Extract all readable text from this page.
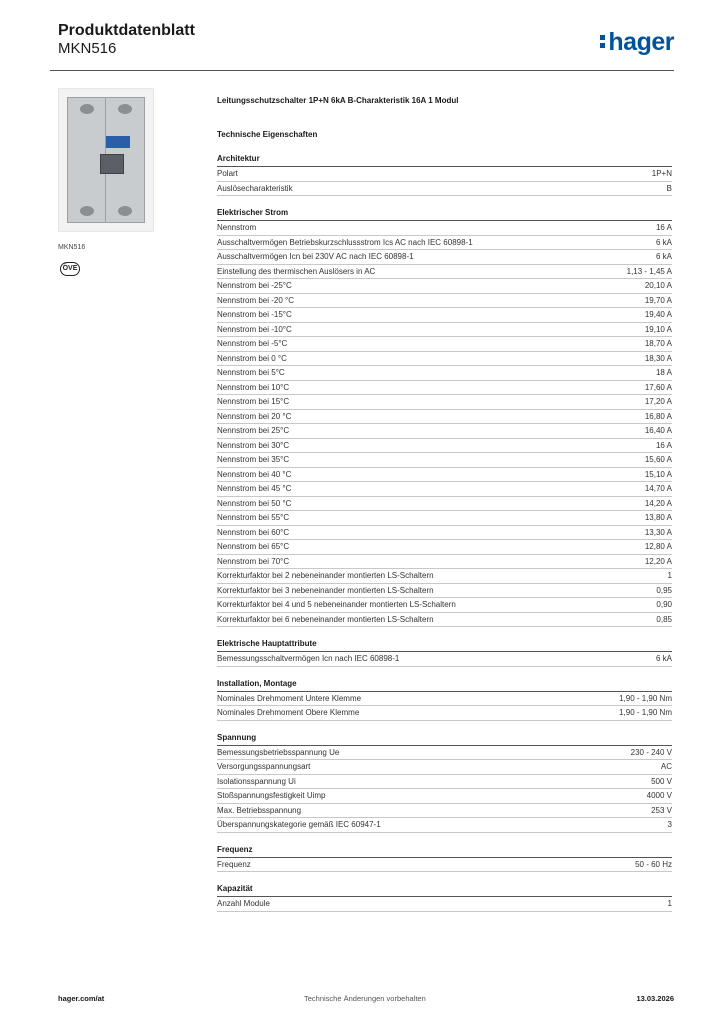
Produktdatenblatt
MKN516	hager
MKN516
ÖVE
Leitungsschutzschalter 1P+N 6kA B-Charakteristik 16A 1 Modul
Technische Eigenschaften
Architektur
Polart	1P+N
Auslösecharakteristik	B
Elektrischer Strom
Nennstrom	16 A
Ausschaltvermögen Betriebskurzschlussstrom Ics AC nach IEC 60898-1	6 kA
Ausschaltvermögen Icn bei 230V AC nach IEC 60898-1	6 kA
Einstellung des thermischen Auslösers in AC	1,13 - 1,45 A
Nennstrom bei -25°C	20,10 A
Nennstrom bei -20 °C	19,70 A
Nennstrom bei -15°C	19,40 A
Nennstrom bei -10°C	19,10 A
Nennstrom bei -5°C	18,70 A
Nennstrom bei 0 °C	18,30 A
Nennstrom bei 5°C	18 A
Nennstrom bei 10°C	17,60 A
Nennstrom bei 15°C	17,20 A
Nennstrom bei 20 °C	16,80 A
Nennstrom bei 25°C	16,40 A
Nennstrom bei 30°C	16 A
Nennstrom bei 35°C	15,60 A
Nennstrom bei 40 °C	15,10 A
Nennstrom bei 45 °C	14,70 A
Nennstrom bei 50 °C	14,20 A
Nennstrom bei 55°C	13,80 A
Nennstrom bei 60°C	13,30 A
Nennstrom bei 65°C	12,80 A
Nennstrom bei 70°C	12,20 A
Korrekturfaktor bei 2 nebeneinander montierten LS-Schaltern	1
Korrekturfaktor bei 3 nebeneinander montierten LS-Schaltern	0,95
Korrekturfaktor bei 4 und 5 nebeneinander montierten LS-Schaltern	0,90
Korrekturfaktor bei 6 nebeneinander montierten LS-Schaltern	0,85
Elektrische Hauptattribute
Bemessungsschaltvermögen Icn nach IEC 60898-1	6 kA
Installation, Montage
Nominales Drehmoment Untere Klemme	1,90 - 1,90 Nm
Nominales Drehmoment Obere Klemme	1,90 - 1,90 Nm
Spannung
Bemessungsbetriebsspannung Ue	230 - 240 V
Versorgungsspannungsart	AC
Isolationsspannung Ui	500 V
Stoßspannungsfestigkeit Uimp	4000 V
Max. Betriebsspannung	253 V
Überspannungskategorie gemäß IEC 60947-1	3
Frequenz
Frequenz	50 - 60 Hz
Kapazität
Anzahl Module	1
hager.com/at	Technische Änderungen vorbehalten	13.03.2026
